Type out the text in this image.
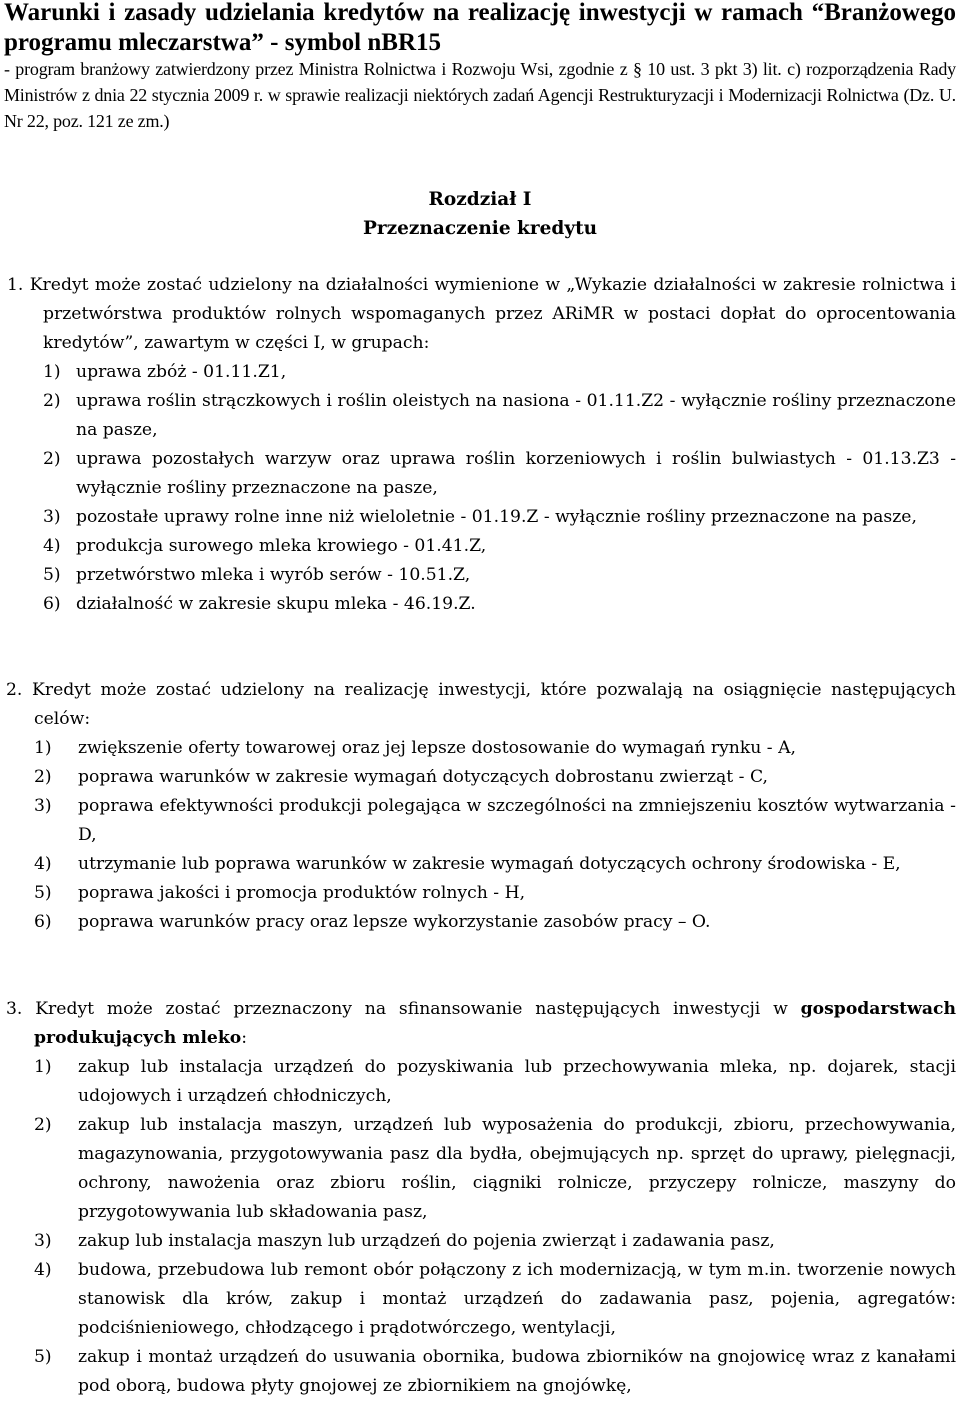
Warunki i zasady udzielania kredytów na realizację inwestycji w ramach “Branżowego programu mleczarstwa” - symbol nBR15

- program branżowy zatwierdzony przez Ministra Rolnictwa i Rozwoju Wsi, zgodnie z § 10 ust. 3 pkt 3) lit. c) rozporządzenia Rady Ministrów z dnia 22 stycznia 2009 r. w sprawie realizacji niektórych zadań Agencji Restrukturyzacji i Modernizacji Rolnictwa (Dz. U. Nr 22, poz. 121 ze zm.)

Rozdział I
Przeznaczenie kredytu

1. Kredyt może zostać udzielony na działalności wymienione w „Wykazie działalności w zakresie rolnictwa i przetwórstwa produktów rolnych wspomaganych przez ARiMR w postaci dopłat do oprocentowania kredytów”, zawartym w części I, w grupach:

1) uprawa zbóż - 01.11.Z1,
2) uprawa roślin strączkowych i roślin oleistych na nasiona - 01.11.Z2 - wyłącznie rośliny przeznaczone na pasze,
2) uprawa pozostałych warzyw oraz uprawa roślin korzeniowych i roślin bulwiastych - 01.13.Z3 - wyłącznie rośliny przeznaczone na pasze,
3) pozostałe uprawy rolne inne niż wieloletnie - 01.19.Z - wyłącznie rośliny przeznaczone na pasze,
4) produkcja surowego mleka krowiego - 01.41.Z,
5) przetwórstwo mleka i wyrób serów - 10.51.Z,
6) działalność w zakresie skupu mleka - 46.19.Z.

2. Kredyt może zostać udzielony na realizację inwestycji, które pozwalają na osiągnięcie następujących celów:

1) zwiększenie oferty towarowej oraz jej lepsze dostosowanie do wymagań rynku - A,
2) poprawa warunków w zakresie wymagań dotyczących dobrostanu zwierząt - C,
3) poprawa efektywności produkcji polegająca w szczególności na zmniejszeniu kosztów wytwarzania - D,
4) utrzymanie lub poprawa warunków w zakresie wymagań dotyczących ochrony środowiska - E,
5) poprawa jakości i promocja produktów rolnych - H,
6) poprawa warunków pracy oraz lepsze wykorzystanie zasobów pracy – O.

3. Kredyt może zostać przeznaczony na sfinansowanie następujących inwestycji w gospodarstwach produkujących mleko:

1) zakup lub instalacja urządzeń do pozyskiwania lub przechowywania mleka, np. dojarek, stacji udojowych i urządzeń chłodniczych,
2) zakup lub instalacja maszyn, urządzeń lub wyposażenia do produkcji, zbioru, przechowywania, magazynowania, przygotowywania pasz dla bydła, obejmujących np. sprzęt do uprawy, pielęgnacji, ochrony, nawożenia oraz zbioru roślin, ciągniki rolnicze, przyczepy rolnicze, maszyny do przygotowywania lub składowania pasz,
3) zakup lub instalacja maszyn lub urządzeń do pojenia zwierząt i zadawania pasz,
4) budowa, przebudowa lub remont obór połączony z ich modernizacją, w tym m.in. tworzenie nowych stanowisk dla krów, zakup i montaż urządzeń do zadawania pasz, pojenia, agregatów: podciśnieniowego, chłodzącego i prądotwórczego, wentylacji,
5) zakup i montaż urządzeń do usuwania obornika, budowa zbiorników na gnojowicę wraz z kanałami pod oborą, budowa płyty gnojowej ze zbiornikiem na gnojówkę,
